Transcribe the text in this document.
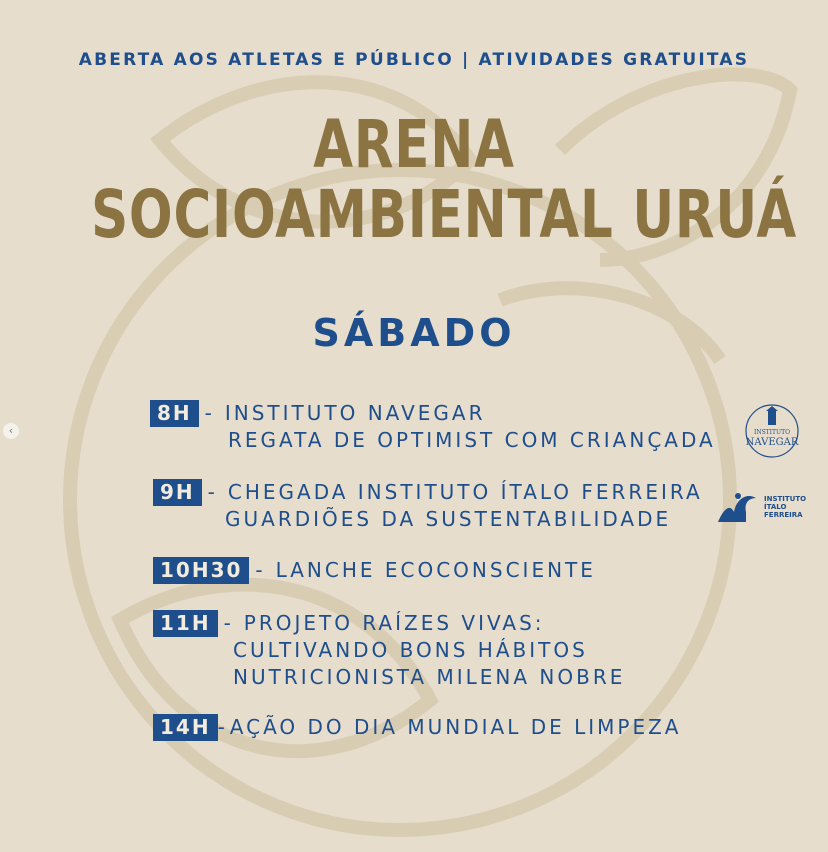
‹
ABERTA AOS ATLETAS E PÚBLICO | ATIVIDADES GRATUITAS
ARENA
SOCIOAMBIENTAL URUÁ
SÁBADO
8H - INSTITUTO NAVEGAR
REGATA DE OPTIMIST COM CRIANÇADA
9H - CHEGADA INSTITUTO ÍTALO FERREIRA
GUARDIÕES DA SUSTENTABILIDADE
10H30 - LANCHE ECOCONSCIENTE
11H - PROJETO RAÍZES VIVAS:
CULTIVANDO BONS HÁBITOS
NUTRICIONISTA MILENA NOBRE
14H - AÇÃO DO DIA MUNDIAL DE LIMPEZA
INSTITUTO
NAVEGAR
INSTITUTO
ÍTALO
FERREIRA
